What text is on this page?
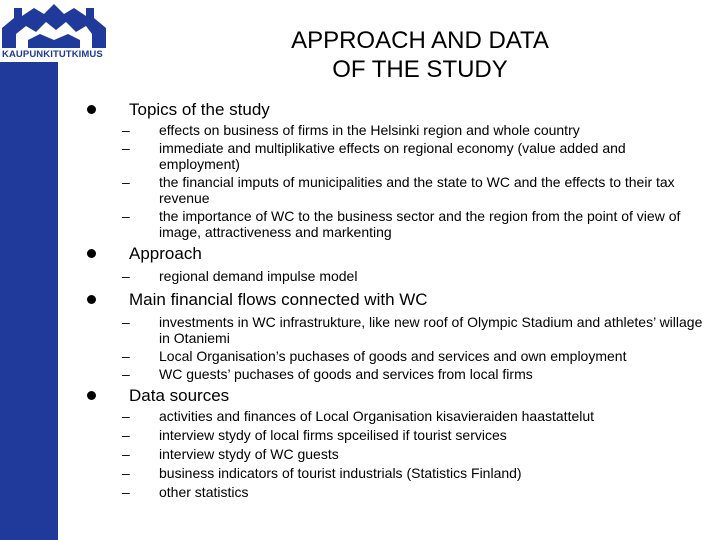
KAUPUNKITUTKIMUS
APPROACH AND DATA
OF THE STUDY
Topics of the study
– effects on business of firms in the Helsinki region and whole country
– immediate and multiplikative effects on regional economy (value added and employment)
– the financial imputs of municipalities and the state to WC and the effects to their tax revenue
– the importance of WC to the business sector and the region from the point of view of image, attractiveness and markenting
Approach
– regional demand impulse model
Main financial flows connected with WC
– investments in WC infrastrukture, like new roof of Olympic Stadium and athletes’ willage in Otaniemi
– Local Organisation’s puchases of goods and services and own employment
– WC guests’ puchases of goods and services from local firms
Data sources
– activities and finances of Local Organisation kisavieraiden haastattelut
– interview stydy of local firms spceilised if tourist services
– interview stydy of WC guests
– business indicators of tourist industrials (Statistics Finland)
– other statistics
